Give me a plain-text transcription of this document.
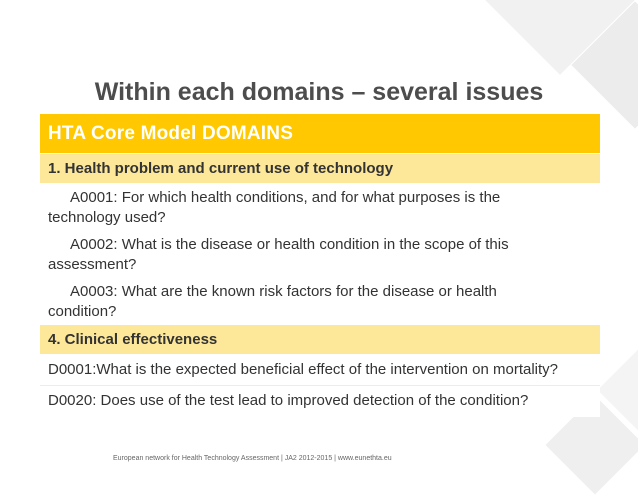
Within each domains – several issues
HTA Core Model DOMAINS
1. Health problem and current use of technology
A0001: For which health conditions, and for what purposes is the
technology used?
A0002: What is the disease or health condition in the scope of this
assessment?
A0003: What are the known risk factors for the disease or health
condition?
4. Clinical effectiveness
D0001:What is the expected beneficial effect of the intervention on mortality?
D0020: Does use of the test lead to improved detection of the condition?
European network for Health Technology Assessment | JA2 2012-2015 | www.eunethta.eu
